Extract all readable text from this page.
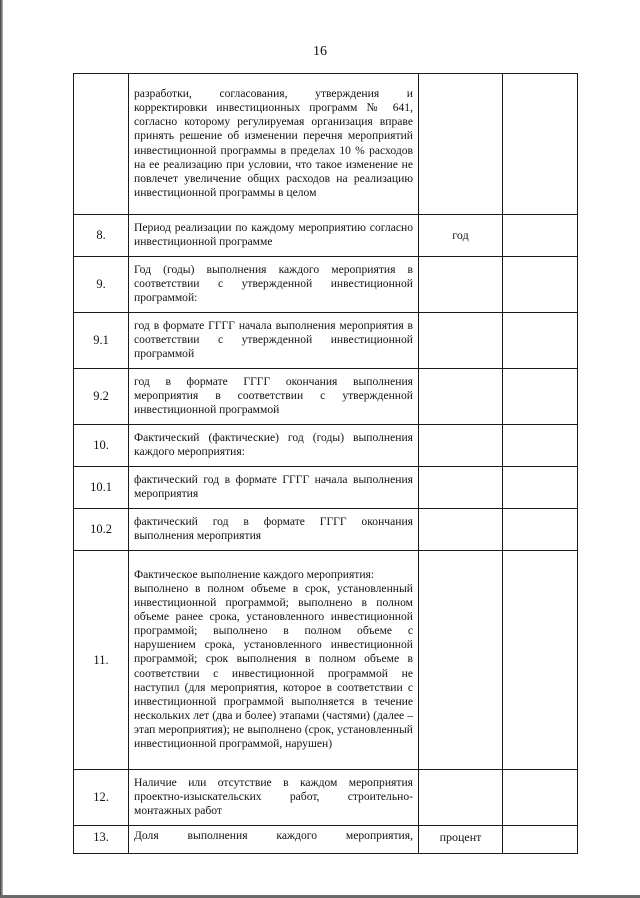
16

	разработки, согласования, утверждения и корректировки инвестиционных программ № 641, согласно которому регулируемая организация вправе принять решение об изменении перечня мероприятий инвестиционной программы в пределах 10 % расходов на ее реализацию при условии, что такое изменение не повлечет увеличение общих расходов на реализацию инвестиционной программы в целом		

8.	Период реализации по каждому мероприятию согласно инвестиционной программе	год	
9.	Год (годы) выполнения каждого мероприятия в соответствии с утвержденной инвестиционной программой:		

9.1	год в формате ГГГГ начала выполнения мероприятия в соответствии с утвержденной инвестиционной программой		

9.2	год в формате ГГГГ окончания выполнения мероприятия в соответствии с утвержденной инвестиционной программой		

10.	Фактический (фактические) год (годы) выполнения каждого мероприятия:		

10.1	фактический год в формате ГГГГ начала выполнения мероприятия		

10.2	фактический год в формате ГГГГ окончания выполнения мероприятия		

11.	Фактическое выполнение каждого мероприятия:

выполнено в полном объеме в срок, установленный инвестиционной программой; выполнено в полном объеме ранее срока, установленного инвестиционной программой; выполнено в полном объеме с нарушением срока, установленного инвестиционной программой; срок выполнения в полном объеме в соответствии с инвестиционной программой не наступил (для мероприятия, которое в соответствии с инвестиционной программой выполняется в течение нескольких лет (два и более) этапами (частями) (далее – этап мероприятия); не выполнено (срок, установленный инвестиционной программой, нарушен)		

12.	Наличие или отсутствие в каждом мероприятия проектно-изыскательских работ, строительно-монтажных работ		

13.	Доля выполнения каждого мероприятия,	процент	
